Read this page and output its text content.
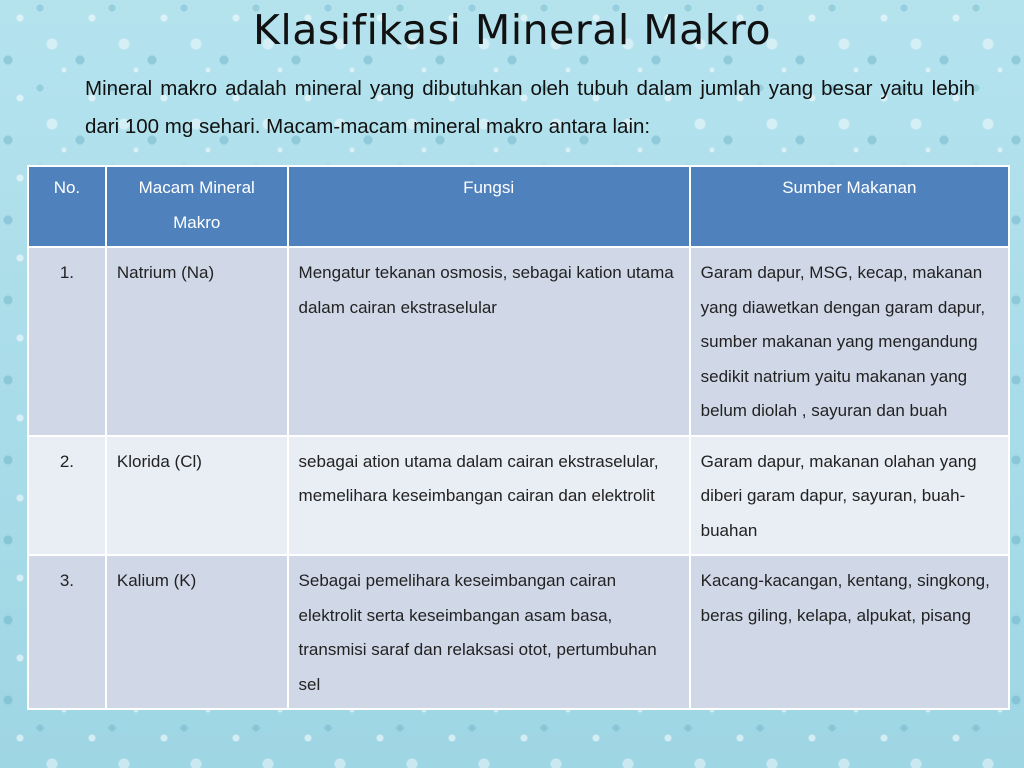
Klasifikasi Mineral Makro
Mineral makro adalah mineral yang dibutuhkan oleh tubuh dalam jumlah yang besar yaitu lebih dari 100 mg sehari. Macam-macam mineral makro antara lain:
No.	Macam Mineral Makro	Fungsi	Sumber Makanan
1.	Natrium (Na)	Mengatur tekanan osmosis, sebagai kation utama dalam cairan ekstraselular	Garam dapur, MSG, kecap, makanan yang diawetkan dengan garam dapur, sumber makanan yang mengandung sedikit natrium yaitu makanan yang belum diolah , sayuran dan buah
2.	Klorida (Cl)	sebagai ation utama dalam cairan ekstraselular, memelihara keseimbangan cairan dan elektrolit	Garam dapur, makanan olahan yang diberi garam dapur, sayuran, buah-buahan
3.	Kalium (K)	Sebagai pemelihara keseimbangan cairan elektrolit serta keseimbangan asam basa, transmisi saraf dan relaksasi otot, pertumbuhan sel	Kacang-kacangan, kentang, singkong, beras giling, kelapa, alpukat, pisang
